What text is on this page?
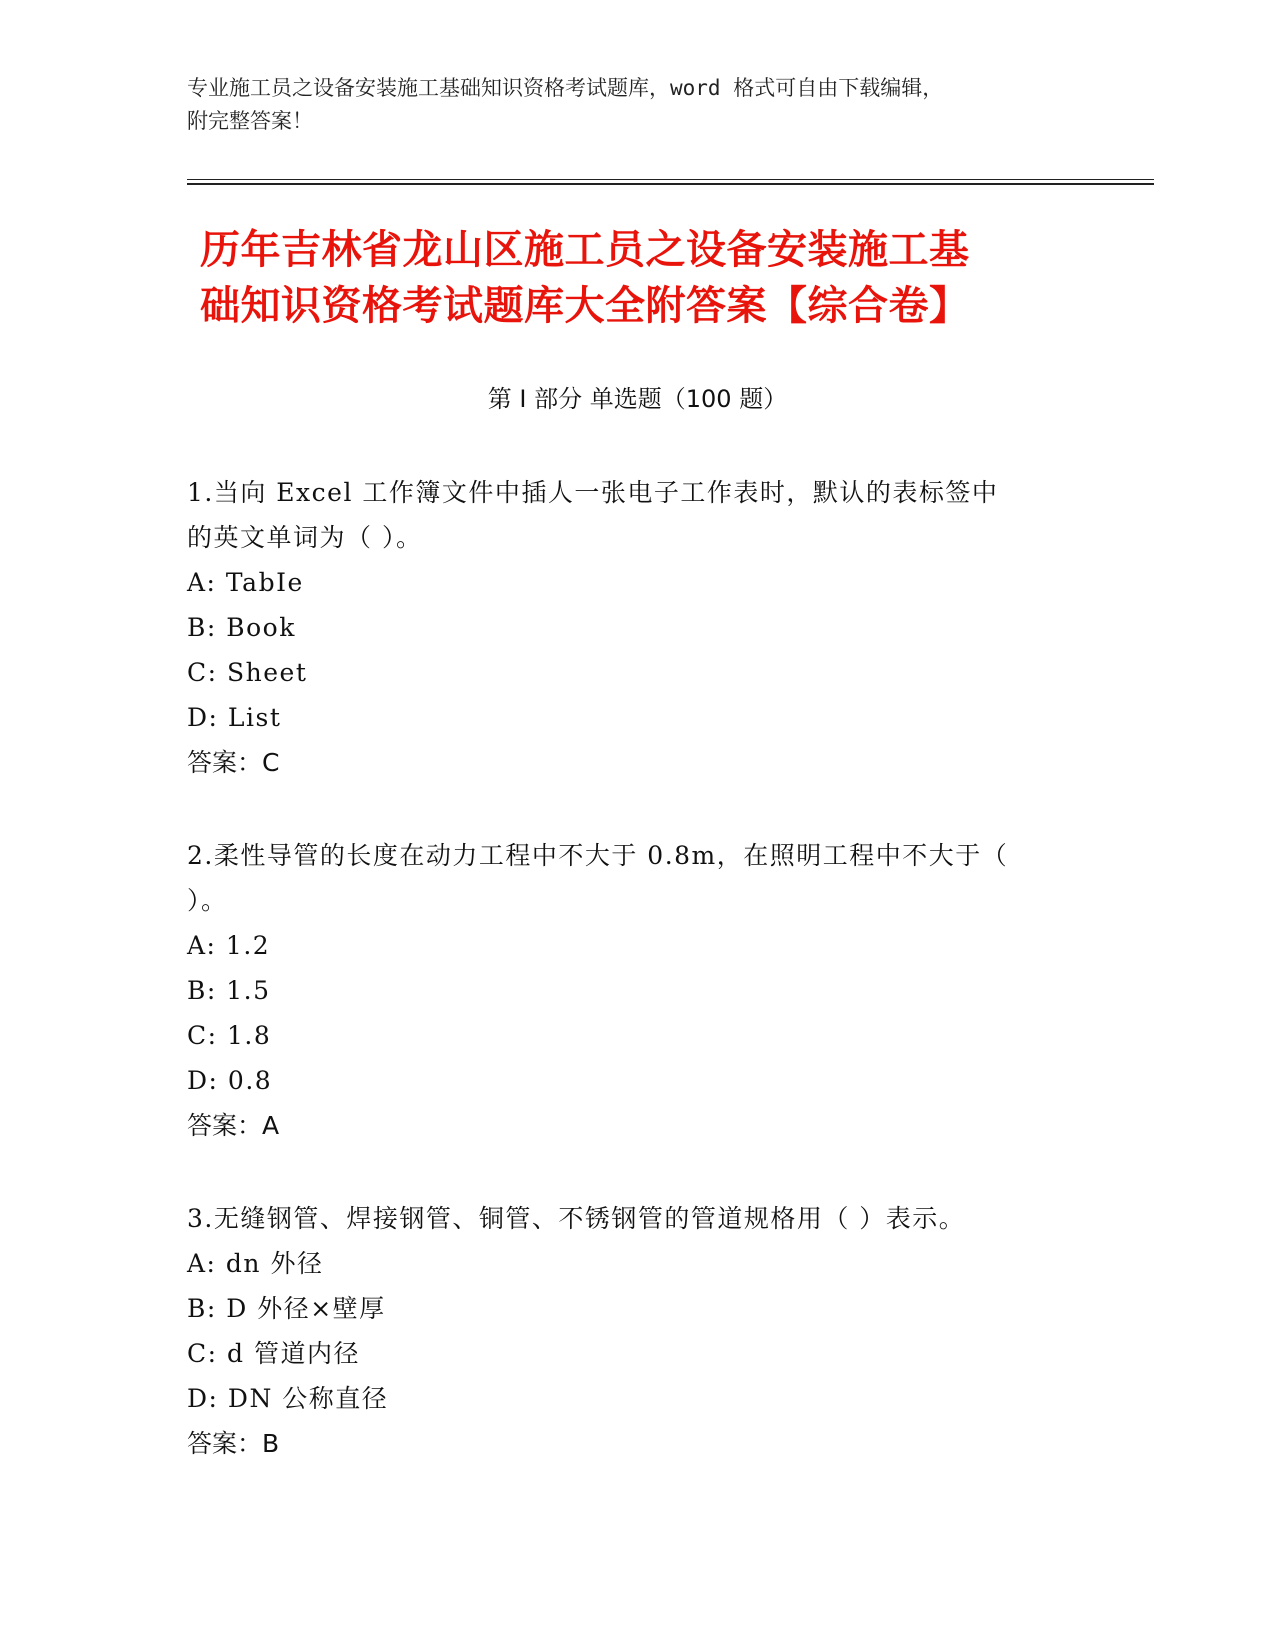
专业施工员之设备安装施工基础知识资格考试题库，word 格式可自由下载编辑，
附完整答案！
历年吉林省龙山区施工员之设备安装施工基
础知识资格考试题库大全附答案【综合卷】
第 I 部分 单选题（100 题）

1.当向 Excel 工作簿文件中插人一张电子工作表时，默认的表标签中

的英文单词为（ ）。

A: TabIe

B: Book

C: Sheet

D: List

答案：C

2.柔性导管的长度在动力工程中不大于 0.8m，在照明工程中不大于（

）。

A: 1.2

B: 1.5

C: 1.8

D: 0.8

答案：A

3.无缝钢管、焊接钢管、铜管、不锈钢管的管道规格用（ ）表示。

A: dn 外径

B: D 外径×壁厚

C: d 管道内径

D: DN 公称直径

答案：B
